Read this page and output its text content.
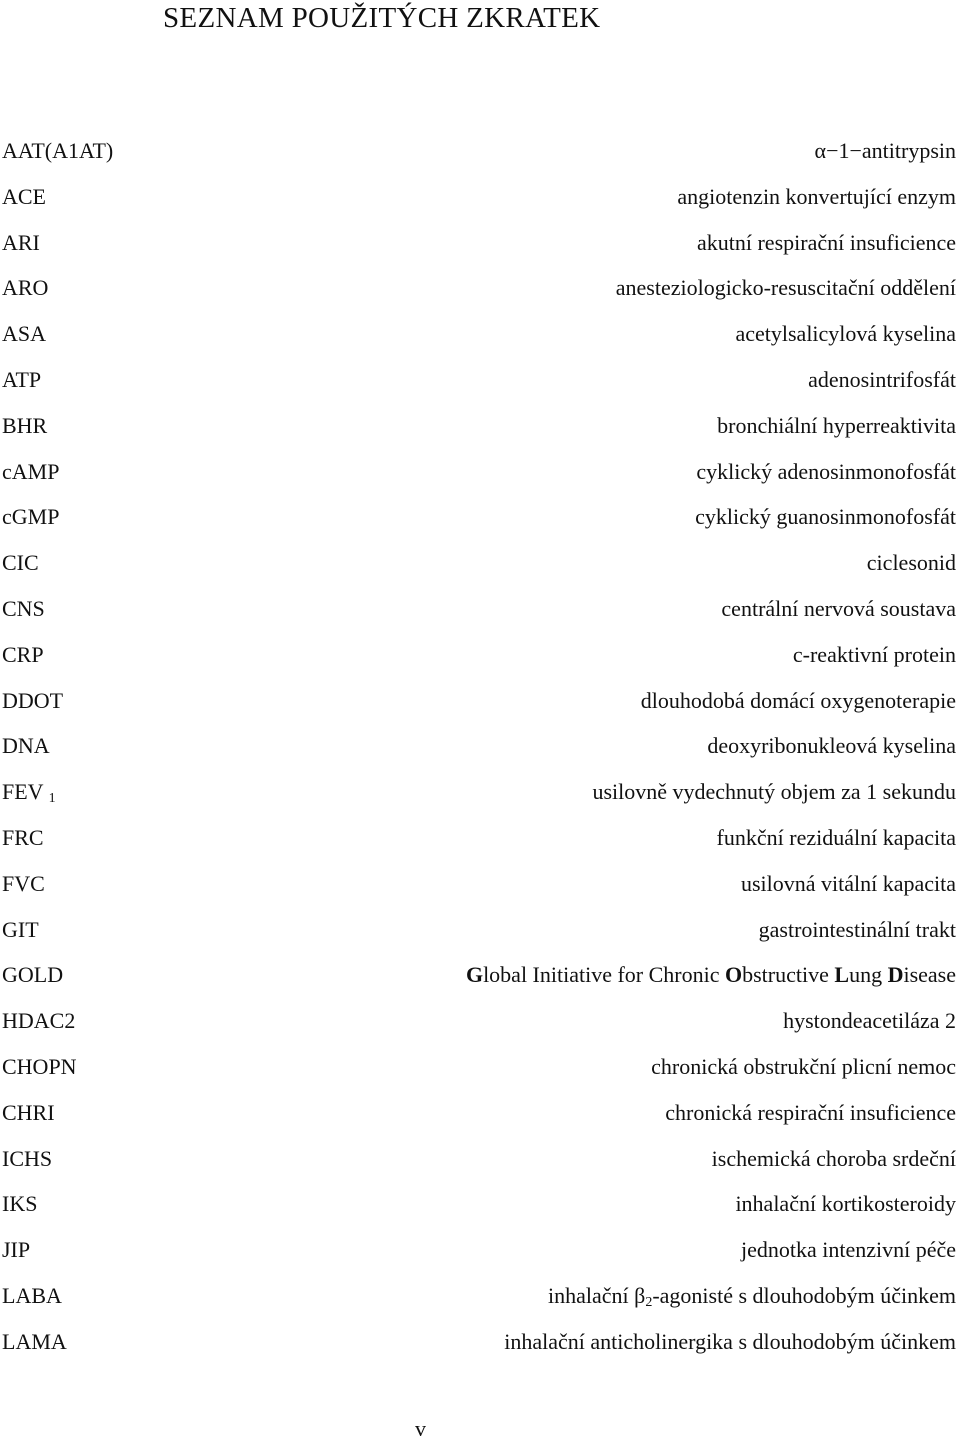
SEZNAM POUŽITÝCH ZKRATEK
AAT(A1AT)	α−1−antitrypsin
ACE	angiotenzin konvertující enzym
ARI	akutní respirační insuficience
ARO	anesteziologicko-resuscitační oddělení
ASA	acetylsalicylová kyselina
ATP	adenosintrifosfát
BHR	bronchiální hyperreaktivita
cAMP	cyklický adenosinmonofosfát
cGMP	cyklický guanosinmonofosfát
CIC	ciclesonid
CNS	centrální nervová soustava
CRP	c-reaktivní protein
DDOT	dlouhodobá domácí oxygenoterapie
DNA	deoxyribonukleová kyselina
FEV $_1$	usilovně vydechnutý objem za 1 sekundu
FRC	funkční reziduální kapacita
FVC	usilovná vitální kapacita
GIT	gastrointestinální trakt
GOLD	Global Initiative for Chronic Obstructive Lung Disease
HDAC2	hystondeacetiláza 2
CHOPN	chronická obstrukční plicní nemoc
CHRI	chronická respirační insuficience
ICHS	ischemická choroba srdeční
IKS	inhalační kortikosteroidy
JIP	jednotka intenzivní péče
LABA	inhalační $\beta_2$-agonisté s dlouhodobým účinkem
LAMA	inhalační anticholinergika s dlouhodobým účinkem
v
